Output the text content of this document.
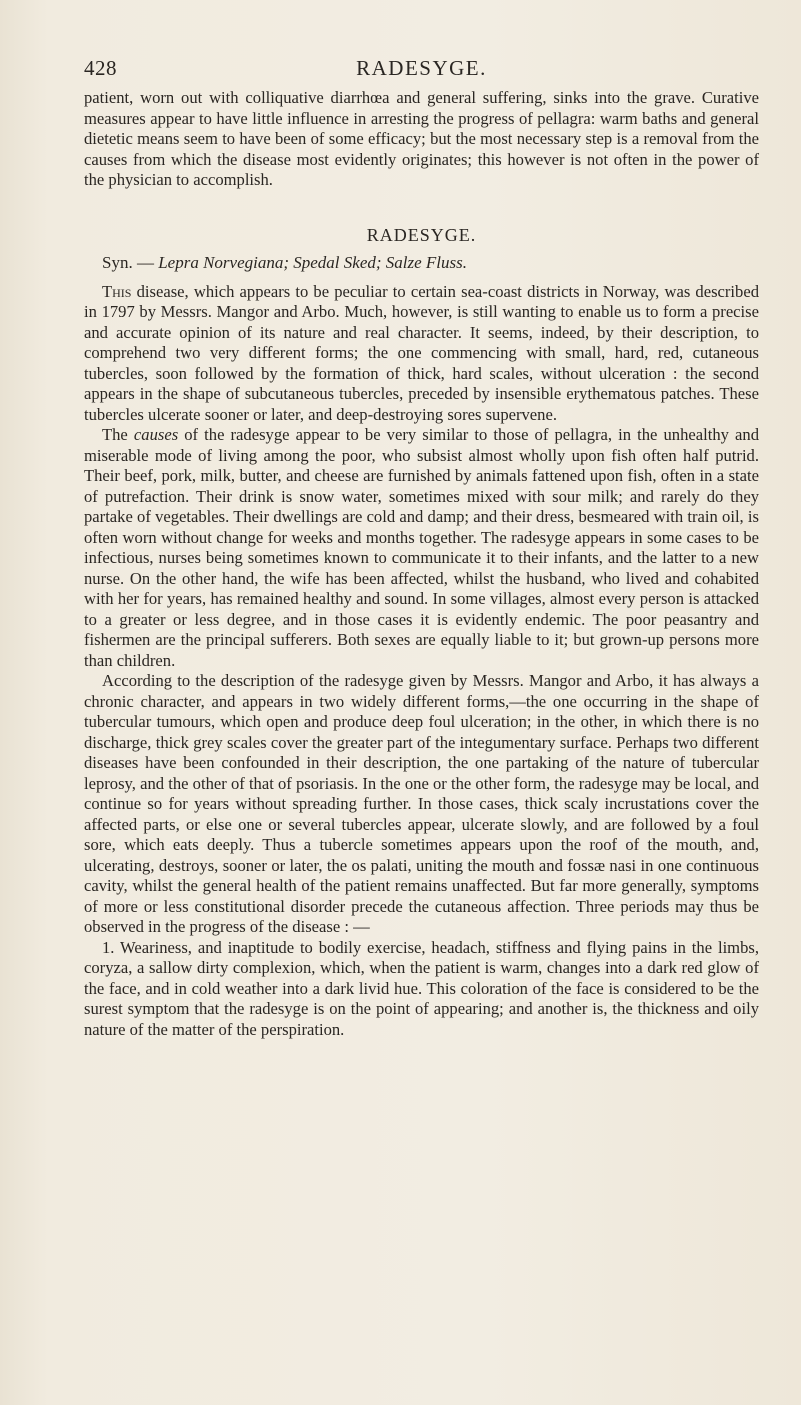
428	RADESYGE.

patient, worn out with colliquative diarrhœa and general suffering, sinks into the grave. Curative measures appear to have little influence in arresting the progress of pellagra: warm baths and general dietetic means seem to have been of some efficacy; but the most necessary step is a removal from the causes from which the disease most evidently originates; this however is not often in the power of the physician to accomplish.

RADESYGE.

Syn. — Lepra Norvegiana; Spedal Sked; Salze Fluss.

This disease, which appears to be peculiar to certain sea-coast districts in Norway, was described in 1797 by Messrs. Mangor and Arbo. Much, however, is still wanting to enable us to form a precise and accurate opinion of its nature and real character. It seems, indeed, by their description, to comprehend two very different forms; the one commencing with small, hard, red, cutaneous tubercles, soon followed by the formation of thick, hard scales, without ulceration : the second appears in the shape of subcutaneous tubercles, preceded by insensible erythematous patches. These tubercles ulcerate sooner or later, and deep-destroying sores supervene.

The causes of the radesyge appear to be very similar to those of pellagra, in the unhealthy and miserable mode of living among the poor, who subsist almost wholly upon fish often half putrid. Their beef, pork, milk, butter, and cheese are furnished by animals fattened upon fish, often in a state of putrefaction. Their drink is snow water, sometimes mixed with sour milk; and rarely do they partake of vegetables. Their dwellings are cold and damp; and their dress, besmeared with train oil, is often worn without change for weeks and months together. The radesyge appears in some cases to be infectious, nurses being sometimes known to communicate it to their infants, and the latter to a new nurse. On the other hand, the wife has been affected, whilst the husband, who lived and cohabited with her for years, has remained healthy and sound. In some villages, almost every person is attacked to a greater or less degree, and in those cases it is evidently endemic. The poor peasantry and fishermen are the principal sufferers. Both sexes are equally liable to it; but grown-up persons more than children.

According to the description of the radesyge given by Messrs. Mangor and Arbo, it has always a chronic character, and appears in two widely different forms,—the one occurring in the shape of tubercular tumours, which open and produce deep foul ulceration; in the other, in which there is no discharge, thick grey scales cover the greater part of the integumentary surface. Perhaps two different diseases have been confounded in their description, the one partaking of the nature of tubercular leprosy, and the other of that of psoriasis. In the one or the other form, the radesyge may be local, and continue so for years without spreading further. In those cases, thick scaly incrustations cover the affected parts, or else one or several tubercles appear, ulcerate slowly, and are followed by a foul sore, which eats deeply. Thus a tubercle sometimes appears upon the roof of the mouth, and, ulcerating, destroys, sooner or later, the os palati, uniting the mouth and fossæ nasi in one continuous cavity, whilst the general health of the patient remains unaffected. But far more generally, symptoms of more or less constitutional disorder precede the cutaneous affection. Three periods may thus be observed in the progress of the disease : —

1. Weariness, and inaptitude to bodily exercise, headach, stiffness and flying pains in the limbs, coryza, a sallow dirty complexion, which, when the patient is warm, changes into a dark red glow of the face, and in cold weather into a dark livid hue. This coloration of the face is considered to be the surest symptom that the radesyge is on the point of appearing; and another is, the thickness and oily nature of the matter of the perspiration.
